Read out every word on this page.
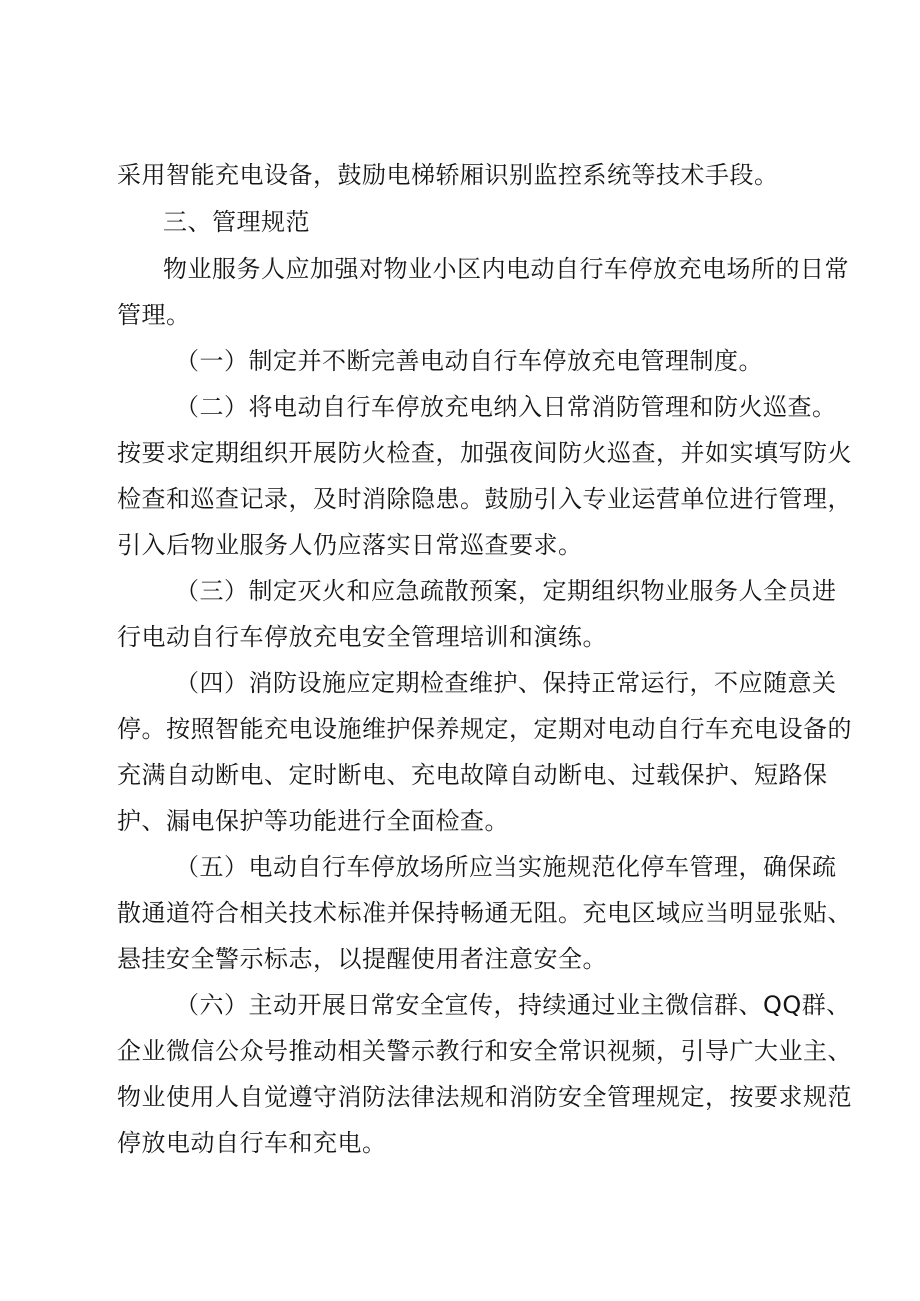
采用智能充电设备，鼓励电梯轿厢识别监控系统等技术手段。

三、管理规范

物业服务人应加强对物业小区内电动自行车停放充电场所的日常

管理。

（一）制定并不断完善电动自行车停放充电管理制度。

（二）将电动自行车停放充电纳入日常消防管理和防火巡查。

按要求定期组织开展防火检查，加强夜间防火巡查，并如实填写防火

检查和巡查记录，及时消除隐患。鼓励引入专业运营单位进行管理，

引入后物业服务人仍应落实日常巡查要求。

（三）制定灭火和应急疏散预案，定期组织物业服务人全员进

行电动自行车停放充电安全管理培训和演练。

（四）消防设施应定期检查维护、保持正常运行，不应随意关

停。按照智能充电设施维护保养规定，定期对电动自行车充电设备的

充满自动断电、定时断电、充电故障自动断电、过载保护、短路保

护、漏电保护等功能进行全面检查。

（五）电动自行车停放场所应当实施规范化停车管理，确保疏

散通道符合相关技术标准并保持畅通无阻。充电区域应当明显张贴、

悬挂安全警示标志，以提醒使用者注意安全。

（六）主动开展日常安全宣传，持续通过业主微信群、QQ群、

企业微信公众号推动相关警示教行和安全常识视频，引导广大业主、

物业使用人自觉遵守消防法律法规和消防安全管理规定，按要求规范

停放电动自行车和充电。
